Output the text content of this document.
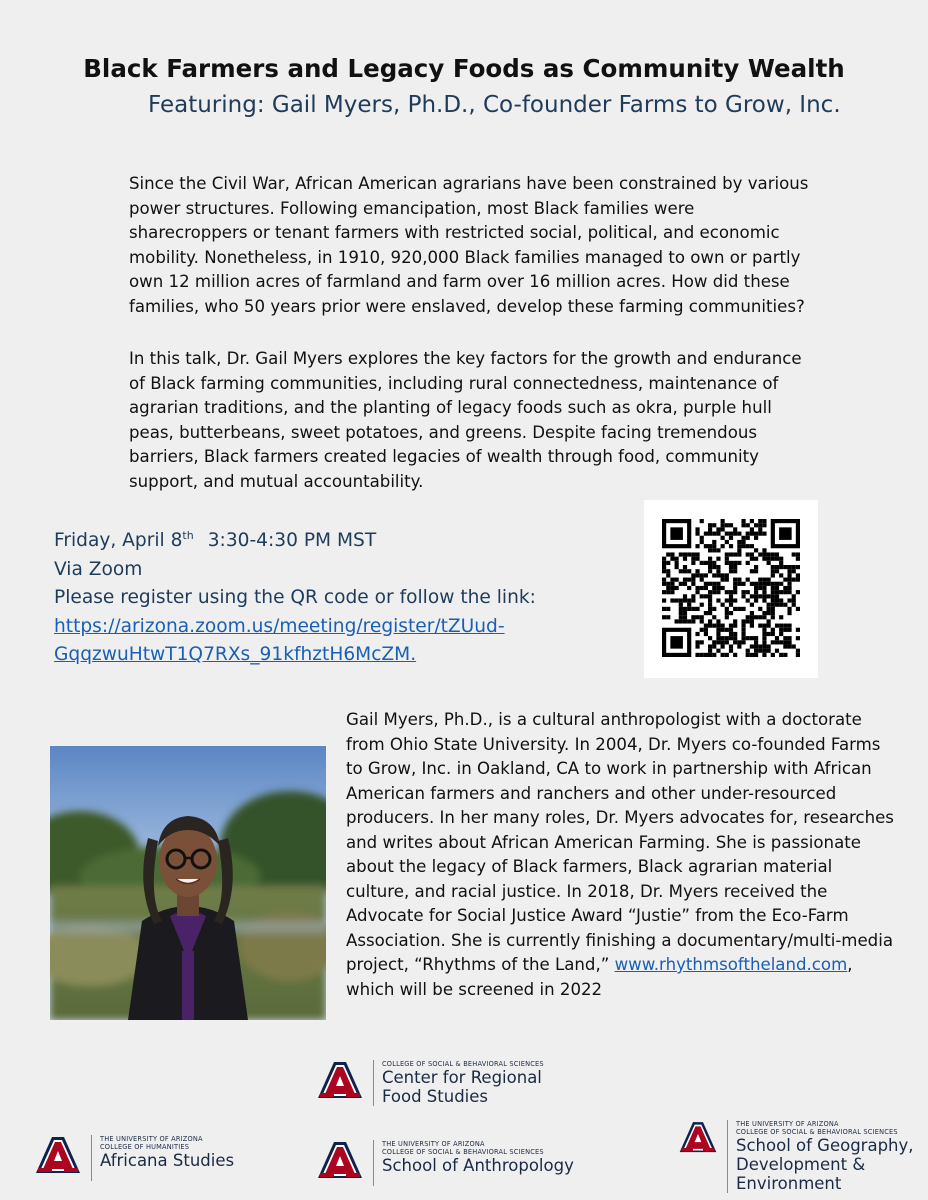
Black Farmers and Legacy Foods as Community Wealth
Featuring: Gail Myers, Ph.D., Co-founder Farms to Grow, Inc.

Since the Civil War, African American agrarians have been constrained by various power structures. Following emancipation, most Black families were sharecroppers or tenant farmers with restricted social, political, and economic mobility. Nonetheless, in 1910, 920,000 Black families managed to own or partly own 12 million acres of farmland and farm over 16 million acres. How did these families, who 50 years prior were enslaved, develop these farming communities?

In this talk, Dr. Gail Myers explores the key factors for the growth and endurance of Black farming communities, including rural connectedness, maintenance of agrarian traditions, and the planting of legacy foods such as okra, purple hull peas, butterbeans, sweet potatoes, and greens. Despite facing tremendous barriers, Black farmers created legacies of wealth through food, community support, and mutual accountability.

Friday, April 8th 3:30-4:30 PM MST
Via Zoom
Please register using the QR code or follow the link:
https://arizona.zoom.us/meeting/register/tZUud-
GqqzwuHtwT1Q7RXs_91kfhztH6McZM.

Gail Myers, Ph.D., is a cultural anthropologist with a doctorate from Ohio State University. In 2004, Dr. Myers co-founded Farms to Grow, Inc. in Oakland, CA to work in partnership with African American farmers and ranchers and other under-resourced producers. In her many roles, Dr. Myers advocates for, researches and writes about African American Farming. She is passionate about the legacy of Black farmers, Black agrarian material culture, and racial justice. In 2018, Dr. Myers received the Advocate for Social Justice Award “Justie” from the Eco-Farm Association. She is currently finishing a documentary/multi-media project, “Rhythms of the Land,” www.rhythmsoftheland.com, which will be screened in 2022

COLLEGE OF SOCIAL & BEHAVIORAL SCIENCES
Center for Regional
Food Studies
THE UNIVERSITY OF ARIZONA
COLLEGE OF HUMANITIES
Africana Studies
THE UNIVERSITY OF ARIZONA
COLLEGE OF SOCIAL & BEHAVIORAL SCIENCES
School of Anthropology
THE UNIVERSITY OF ARIZONA
COLLEGE OF SOCIAL & BEHAVIORAL SCIENCES
School of Geography,
Development &
Environment
